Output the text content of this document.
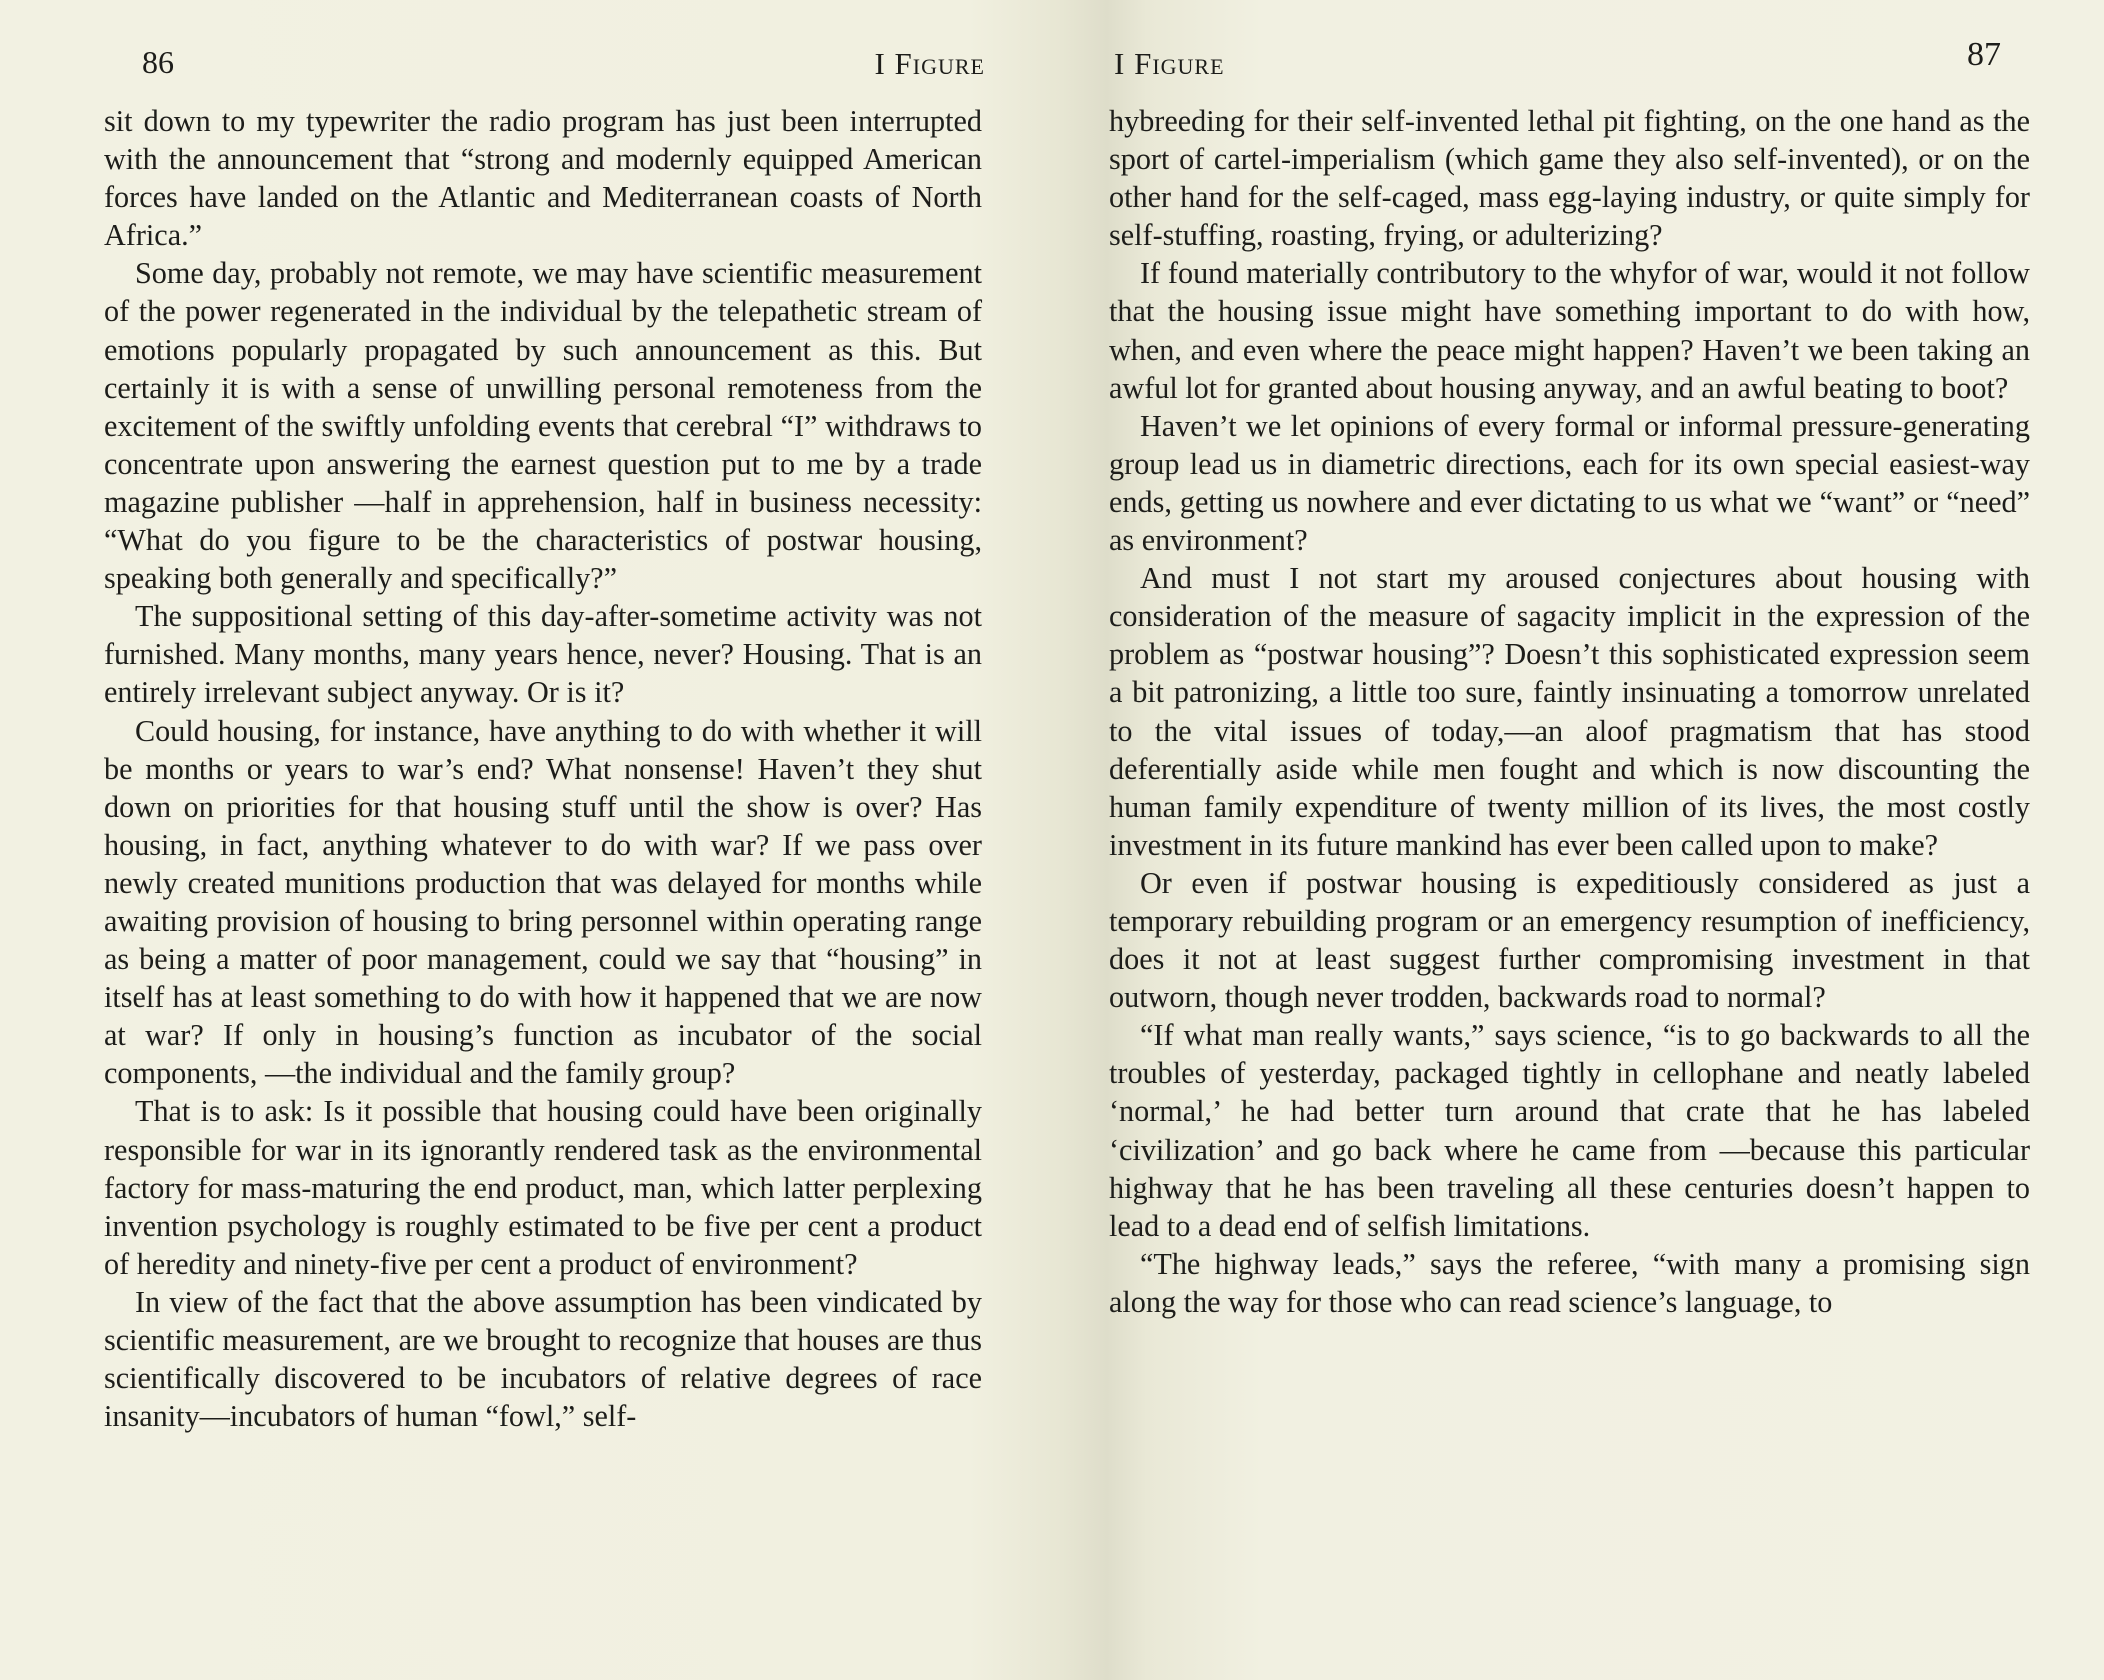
86	I Figure

sit down to my typewriter the radio program has just been interrupted with the announcement that “strong and modernly equipped American forces have landed on the Atlantic and Mediterranean coasts of North Africa.”

Some day, probably not remote, we may have scientific measurement of the power regenerated in the individual by the telepathetic stream of emotions popularly propagated by such announcement as this. But certainly it is with a sense of unwilling personal remoteness from the excitement of the swiftly unfolding events that cerebral “I” withdraws to concentrate upon answering the earnest question put to me by a trade magazine publisher —half in apprehension, half in business necessity: “What do you figure to be the characteristics of postwar housing, speaking both generally and specifically?”

The suppositional setting of this day-after-sometime activity was not furnished. Many months, many years hence, never? Housing. That is an entirely irrelevant subject anyway. Or is it?

Could housing, for instance, have anything to do with whether it will be months or years to war’s end? What nonsense! Haven’t they shut down on priorities for that housing stuff until the show is over? Has housing, in fact, anything whatever to do with war? If we pass over newly created munitions production that was delayed for months while awaiting provision of housing to bring personnel within operating range as being a matter of poor management, could we say that “housing” in itself has at least something to do with how it happened that we are now at war? If only in housing’s function as incubator of the social components, —the individual and the family group?

That is to ask: Is it possible that housing could have been originally responsible for war in its ignorantly rendered task as the environmental factory for mass-maturing the end product, man, which latter perplexing invention psychology is roughly estimated to be five per cent a product of heredity and ninety-five per cent a product of environment?

In view of the fact that the above assumption has been vindicated by scientific measurement, are we brought to recognize that houses are thus scientifically discovered to be incubators of relative degrees of race insanity—incubators of human “fowl,” self-

I Figure	87

hybreeding for their self-invented lethal pit fighting, on the one hand as the sport of cartel-imperialism (which game they also self-invented), or on the other hand for the self-caged, mass egg-laying industry, or quite simply for self-stuffing, roasting, frying, or adulterizing?

If found materially contributory to the whyfor of war, would it not follow that the housing issue might have something important to do with how, when, and even where the peace might happen? Haven’t we been taking an awful lot for granted about housing anyway, and an awful beating to boot?

Haven’t we let opinions of every formal or informal pressure-generating group lead us in diametric directions, each for its own special easiest-way ends, getting us nowhere and ever dictating to us what we “want” or “need” as environment?

And must I not start my aroused conjectures about housing with consideration of the measure of sagacity implicit in the expression of the problem as “postwar housing”? Doesn’t this sophisticated expression seem a bit patronizing, a little too sure, faintly insinuating a tomorrow unrelated to the vital issues of today,—an aloof pragmatism that has stood deferentially aside while men fought and which is now discounting the human family expenditure of twenty million of its lives, the most costly investment in its future mankind has ever been called upon to make?

Or even if postwar housing is expeditiously considered as just a temporary rebuilding program or an emergency resumption of inefficiency, does it not at least suggest further compromising investment in that outworn, though never trodden, backwards road to normal?

“If what man really wants,” says science, “is to go backwards to all the troubles of yesterday, packaged tightly in cellophane and neatly labeled ‘normal,’ he had better turn around that crate that he has labeled ‘civilization’ and go back where he came from —because this particular highway that he has been traveling all these centuries doesn’t happen to lead to a dead end of selfish limitations.

“The highway leads,” says the referee, “with many a promising sign along the way for those who can read science’s language, to
